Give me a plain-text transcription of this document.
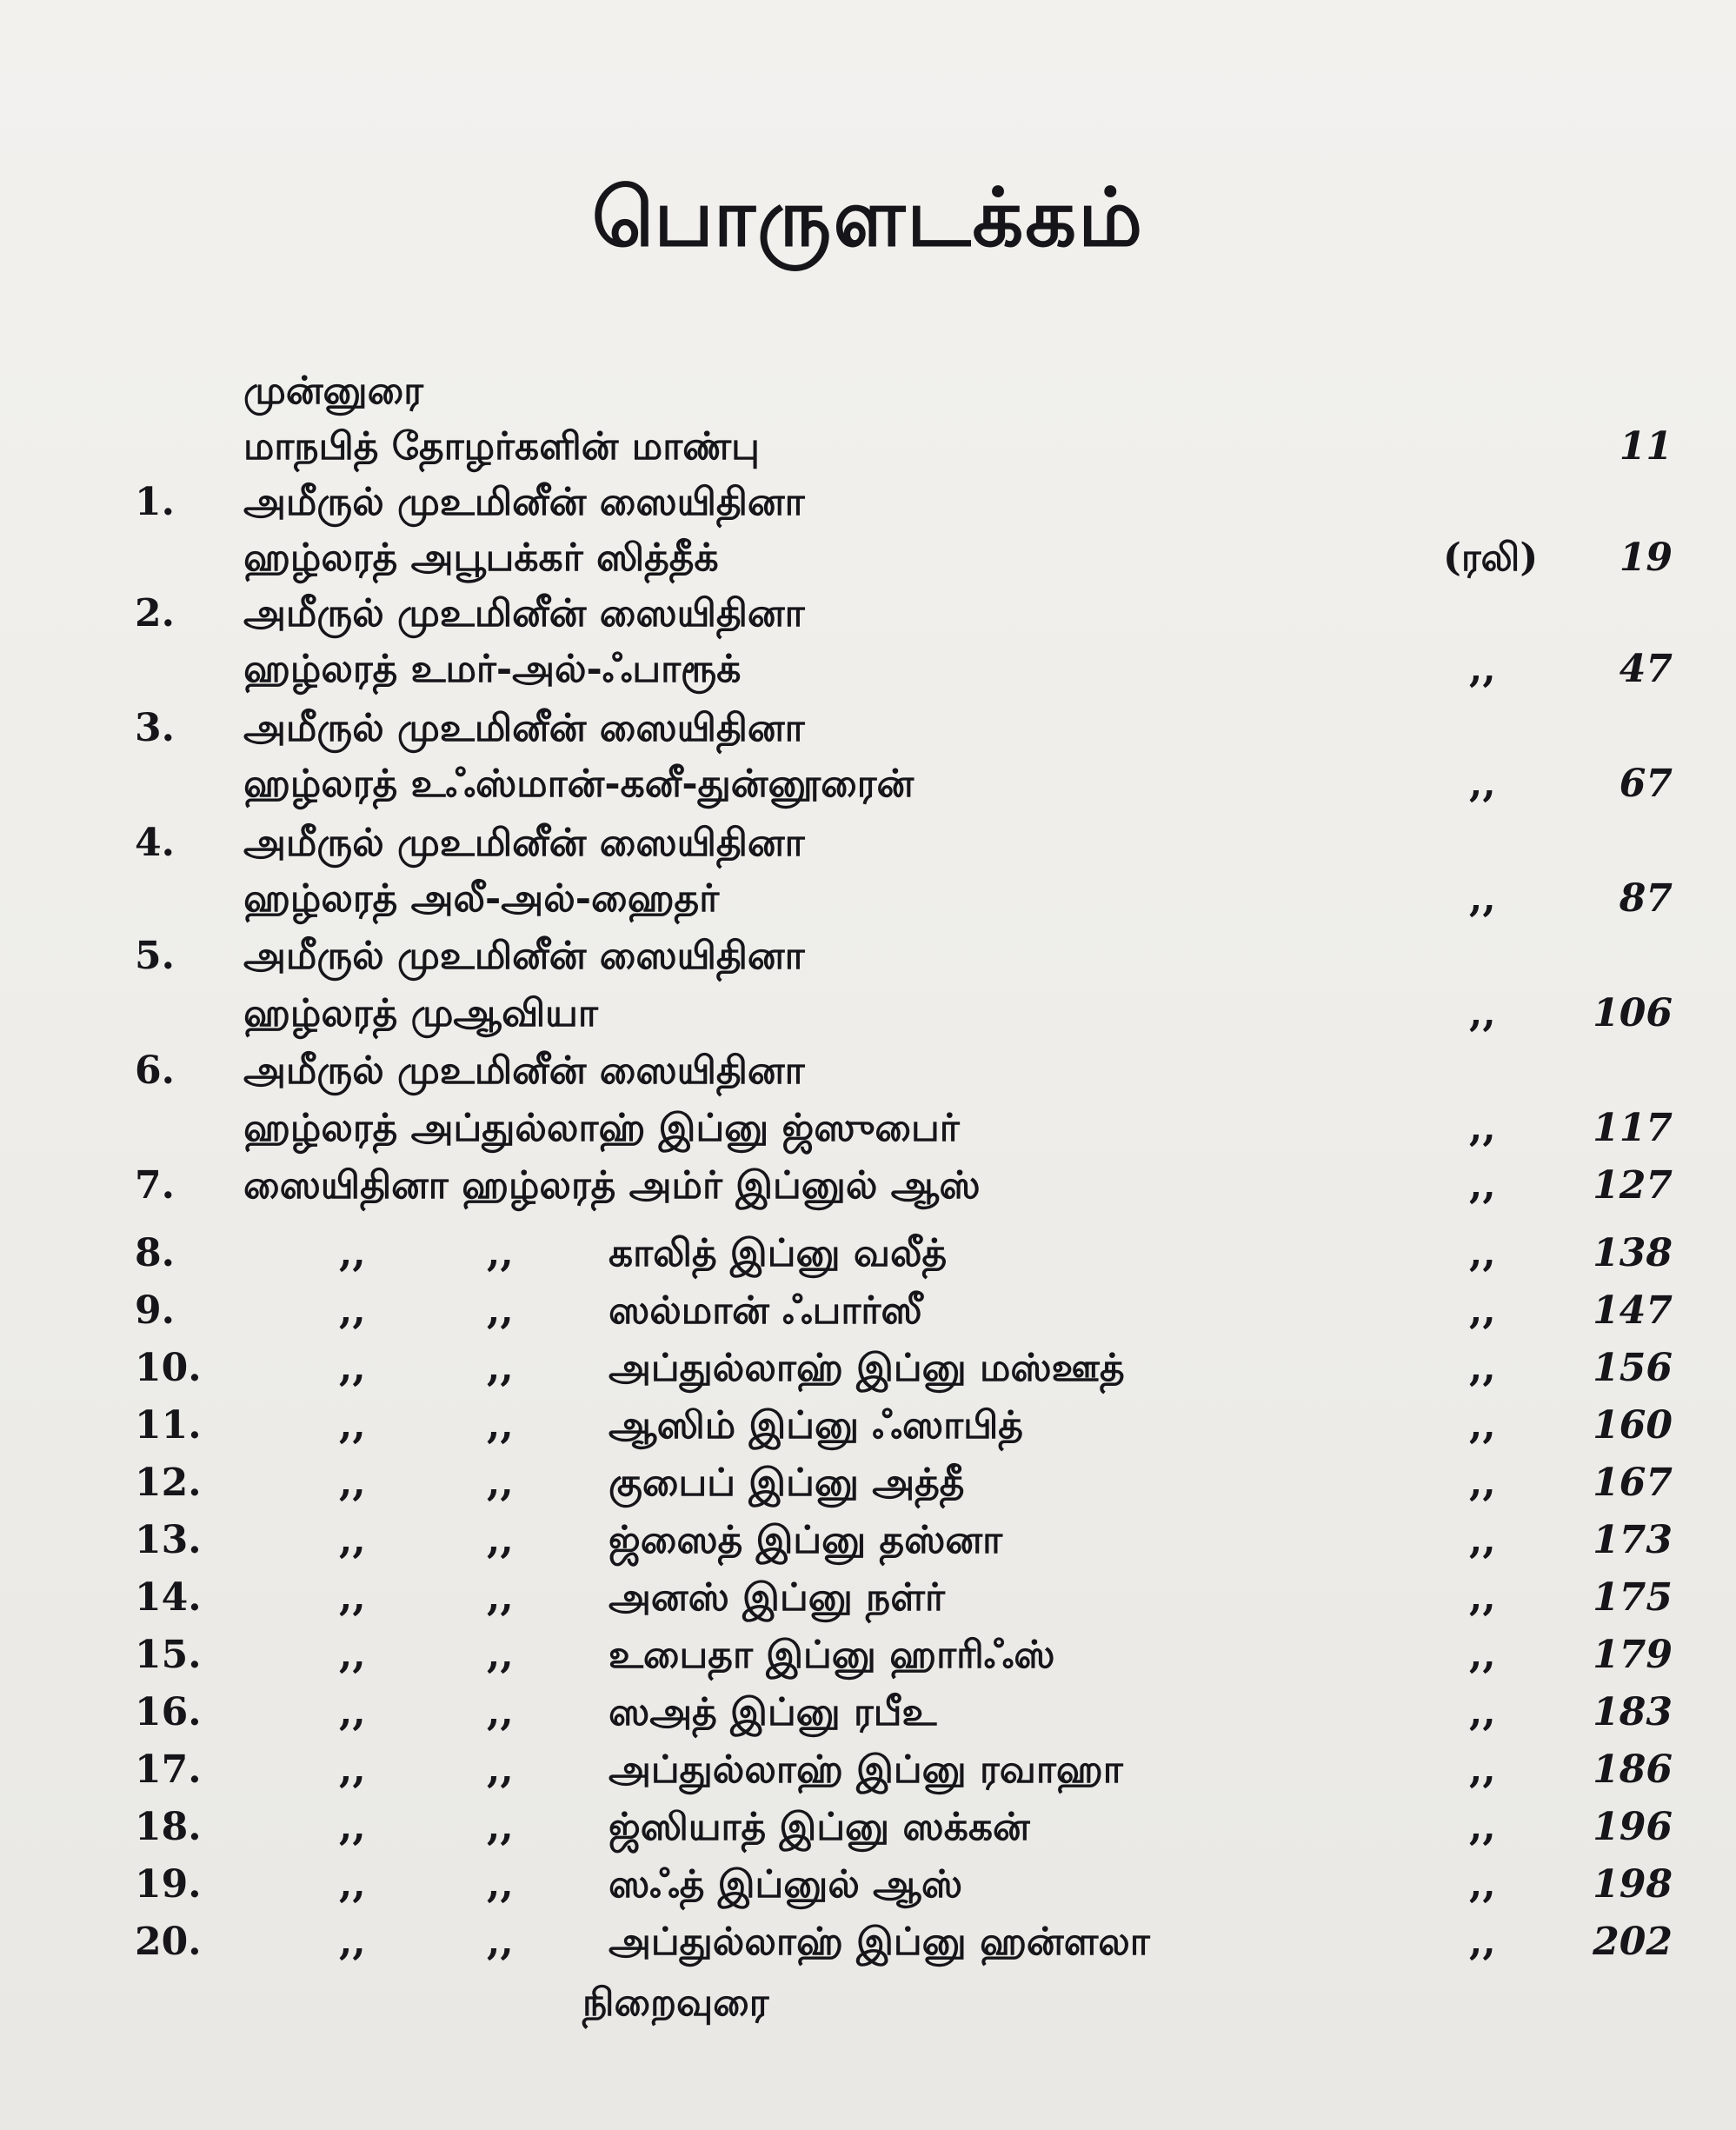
பொருளடக்கம்
முன்னுரை
மாநபித் தோழர்களின் மாண்பு	11
1.	அமீருல் முஉமினீன் ஸையிதினா
ஹழ்லரத் அபூபக்கர் ஸித்தீக்	(ரலி) 19
2.	அமீருல் முஉமினீன் ஸையிதினா
ஹழ்லரத் உமர்-அல்-ஃபாரூக்	,,	47
3.	அமீருல் முஉமினீன் ஸையிதினா
ஹழ்லரத் உஃஸ்மான்-கனீ-துன்னூரைன்	,,	67
4.	அமீருல் முஉமினீன் ஸையிதினா
ஹழ்லரத் அலீ-அல்-ஹைதர்	,,	87
5.	அமீருல் முஉமினீன் ஸையிதினா
ஹழ்லரத் முஆவியா	,,	106
6.	அமீருல் முஉமினீன் ஸையிதினா
ஹழ்லரத் அப்துல்லாஹ் இப்னு ஜ்ஸுபைர்	,,	117
7.	ஸையிதினா ஹழ்லரத் அம்ர் இப்னுல் ஆஸ்	,,	127
8.	,,	,, காலித் இப்னு வலீத்	,,	138
9.	,,	,, ஸல்மான் ஃபார்ஸீ	,,	147
10.	,,	,, அப்துல்லாஹ் இப்னு மஸ்ஊத்	,,	156
11.	,,	,, ஆஸிம் இப்னு ஃஸாபித்	,,	160
12.	,,	,, குபைப் இப்னு அத்தீ	,,	167
13.	,,	,, ஜ்ஸைத் இப்னு தஸ்னா	,,	173
14.	,,	,, அனஸ் இப்னு நள்ர்	,,	175
15.	,,	,, உபைதா இப்னு ஹாரிஃஸ்	,,	179
16.	,,	,, ஸஅத் இப்னு ரபீஉ	,,	183
17.	,,	,, அப்துல்லாஹ் இப்னு ரவாஹா	,,	186
18.	,,	,, ஜ்ஸியாத் இப்னு ஸக்கன்	,,	196
19.	,,	,, ஸஃத் இப்னுல் ஆஸ்	,,	198
20.	,,	,, அப்துல்லாஹ் இப்னு ஹன்ளலா	,,	202
நிறைவுரை
